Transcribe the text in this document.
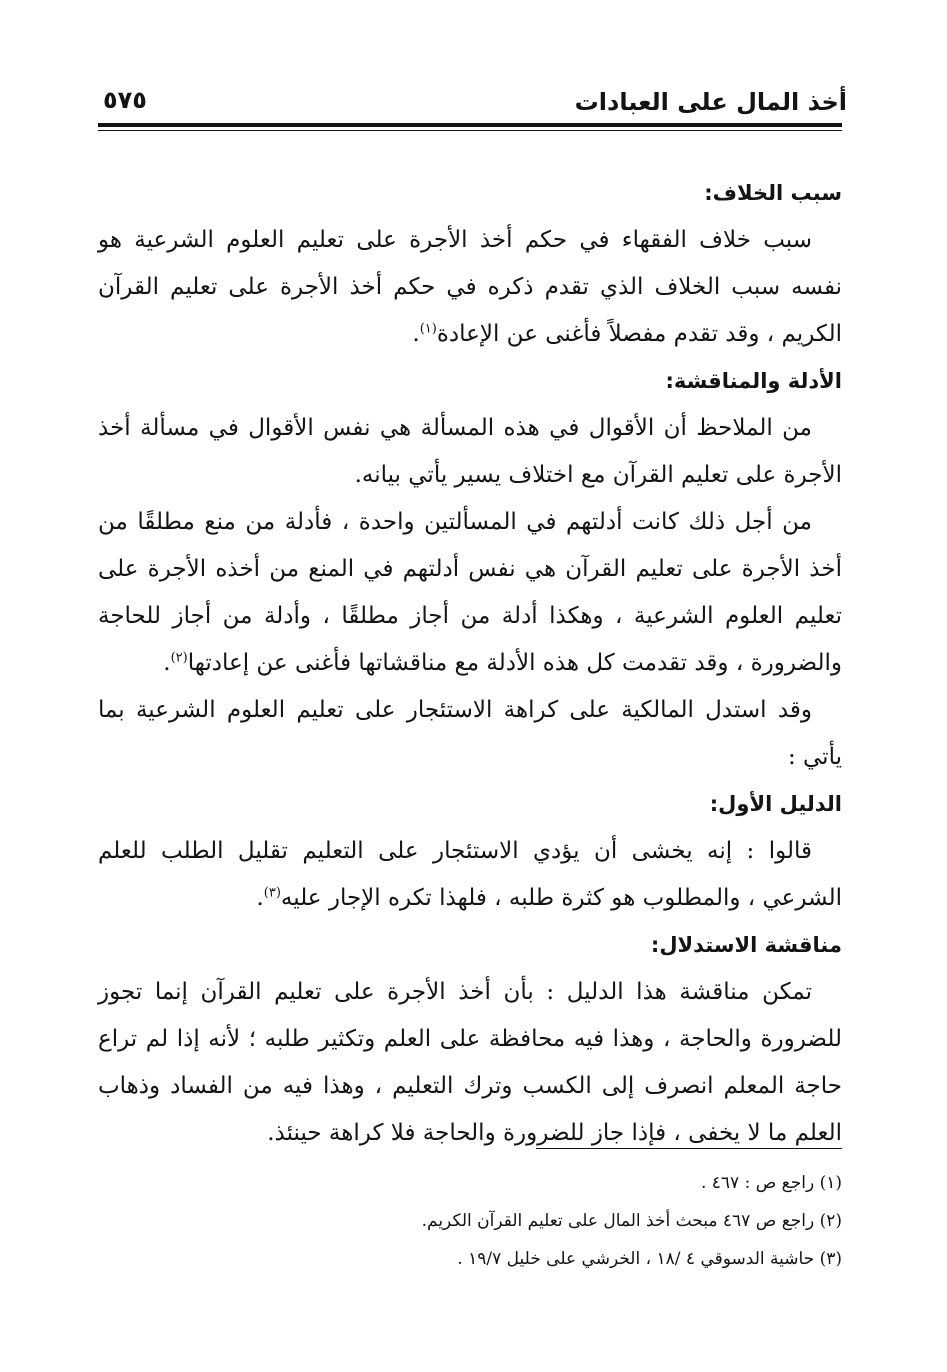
أخذ المال على العبادات
٥٧٥
سبب الخلاف:

سبب خلاف الفقهاء في حكم أخذ الأجرة على تعليم العلوم الشرعية هو نفسه سبب الخلاف الذي تقدم ذكره في حكم أخذ الأجرة على تعليم القرآن الكريم ، وقد تقدم مفصلاً فأغنى عن الإعادة$^{(١)}$.

الأدلة والمناقشة:

من الملاحظ أن الأقوال في هذه المسألة هي نفس الأقوال في مسألة أخذ الأجرة على تعليم القرآن مع اختلاف يسير يأتي بيانه.

من أجل ذلك كانت أدلتهم في المسألتين واحدة ، فأدلة من منع مطلقًا من أخذ الأجرة على تعليم القرآن هي نفس أدلتهم في المنع من أخذه الأجرة على تعليم العلوم الشرعية ، وهكذا أدلة من أجاز مطلقًا ، وأدلة من أجاز للحاجة والضرورة ، وقد تقدمت كل هذه الأدلة مع مناقشاتها فأغنى عن إعادتها$^{(٢)}$.

وقد استدل المالكية على كراهة الاستئجار على تعليم العلوم الشرعية بما يأتي :

الدليل الأول:

قالوا : إنه يخشى أن يؤدي الاستئجار على التعليم تقليل الطلب للعلم الشرعي ، والمطلوب هو كثرة طلبه ، فلهذا تكره الإجار عليه$^{(٣)}$.

مناقشة الاستدلال:

تمكن مناقشة هذا الدليل : بأن أخذ الأجرة على تعليم القرآن إنما تجوز للضرورة والحاجة ، وهذا فيه محافظة على العلم وتكثير طلبه ؛ لأنه إذا لم تراع حاجة المعلم انصرف إلى الكسب وترك التعليم ، وهذا فيه من الفساد وذهاب العلم ما لا يخفى ، فإذا جاز للضرورة والحاجة فلا كراهة حينئذ.

(١) راجع ص : ٤٦٧ .
(٢) راجع ص ٤٦٧ مبحث أخذ المال على تعليم القرآن الكريم.
(٣) حاشية الدسوقي ٤ /١٨ ، الخرشي على خليل ١٩/٧ .
